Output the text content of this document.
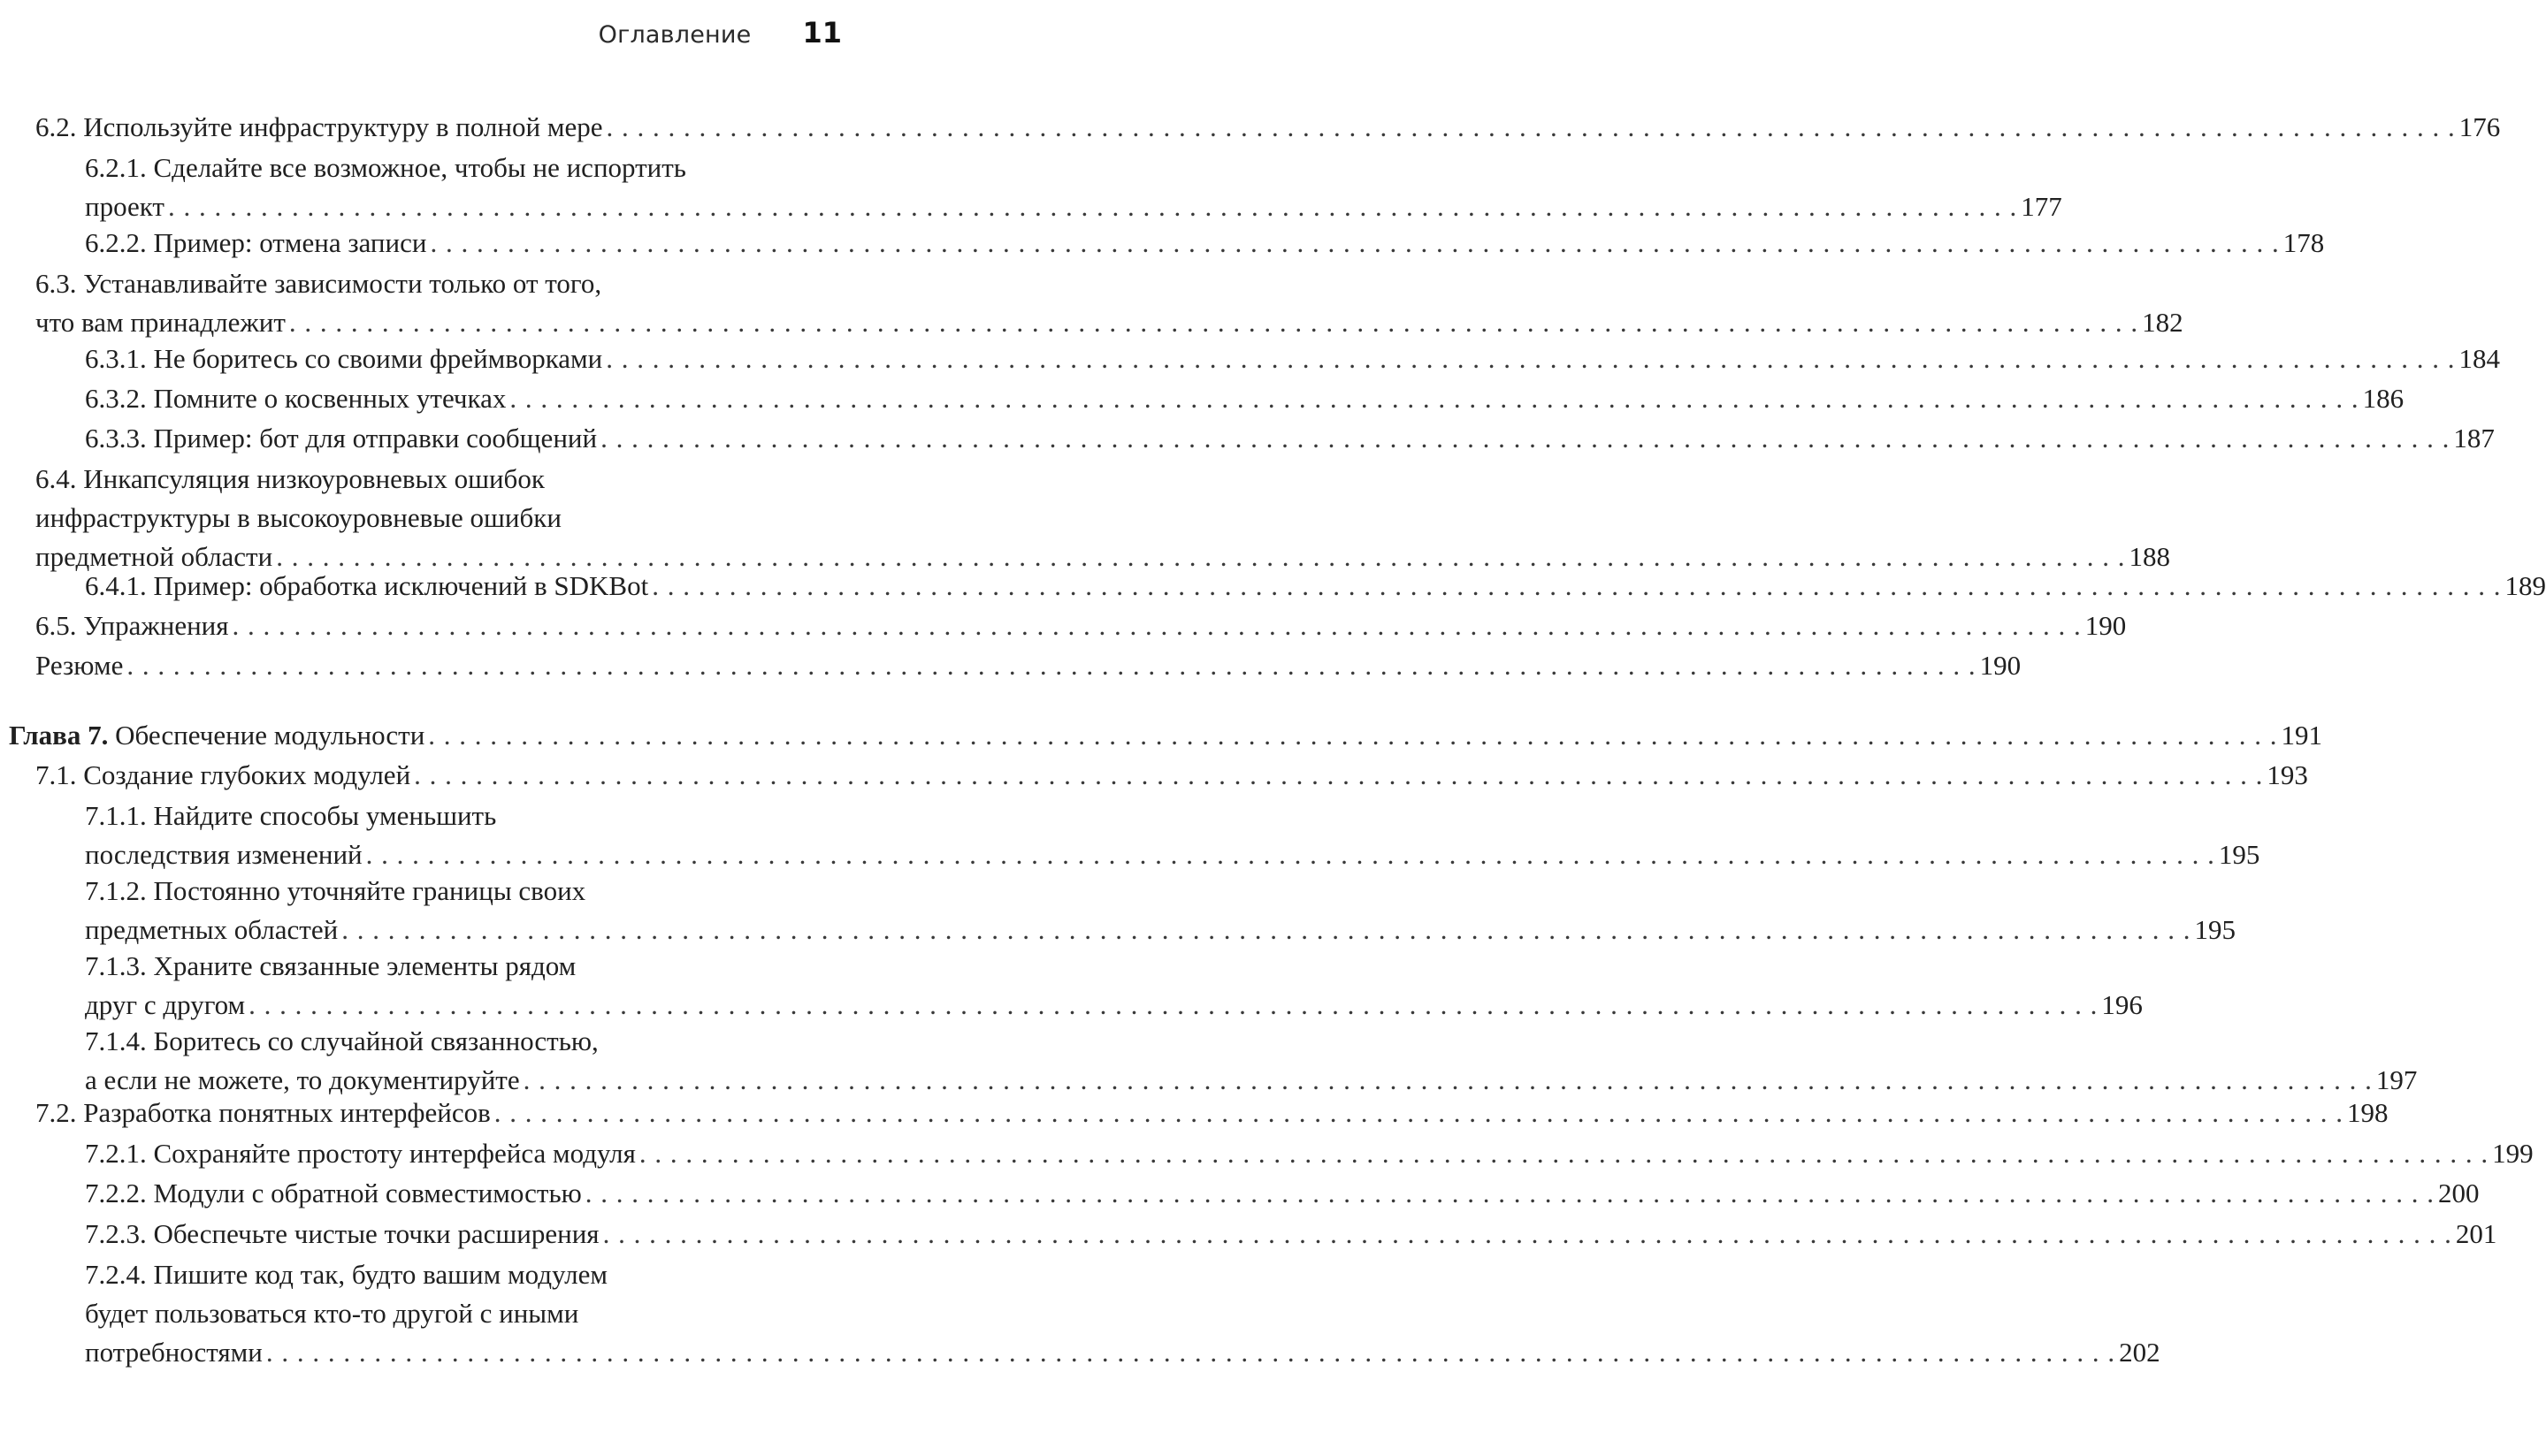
Оглавление 11
6.2. Используйте инфраструктуру в полной мере . . . . . . . . . . . . . . . . . . . . . . . . . . . . . . . . . . . . . . . . . . . . . . . . . . . . . . . . . . . . . . . . . . . . . . . . . . . . . . . . . . . . . . . . . . . . . . . . . . . . . . . . . . . . . . . . . . . . . . . . 176
6.2.1. Сделайте все возможное, чтобы не испортить
проект . . . . . . . . . . . . . . . . . . . . . . . . . . . . . . . . . . . . . . . . . . . . . . . . . . . . . . . . . . . . . . . . . . . . . . . . . . . . . . . . . . . . . . . . . . . . . . . . . . . . . . . . . . . . . . . . . . . . . . . . 177
6.2.2. Пример: отмена записи . . . . . . . . . . . . . . . . . . . . . . . . . . . . . . . . . . . . . . . . . . . . . . . . . . . . . . . . . . . . . . . . . . . . . . . . . . . . . . . . . . . . . . . . . . . . . . . . . . . . . . . . . . . . . . . . . . . . . . . . 178
6.3. Устанавливайте зависимости только от того,
что вам принадлежит . . . . . . . . . . . . . . . . . . . . . . . . . . . . . . . . . . . . . . . . . . . . . . . . . . . . . . . . . . . . . . . . . . . . . . . . . . . . . . . . . . . . . . . . . . . . . . . . . . . . . . . . . . . . . . . . . . . . . . . . 182
6.3.1. Не боритесь со своими фреймворками . . . . . . . . . . . . . . . . . . . . . . . . . . . . . . . . . . . . . . . . . . . . . . . . . . . . . . . . . . . . . . . . . . . . . . . . . . . . . . . . . . . . . . . . . . . . . . . . . . . . . . . . . . . . . . . . . . . . . . . . 184
6.3.2. Помните о косвенных утечках . . . . . . . . . . . . . . . . . . . . . . . . . . . . . . . . . . . . . . . . . . . . . . . . . . . . . . . . . . . . . . . . . . . . . . . . . . . . . . . . . . . . . . . . . . . . . . . . . . . . . . . . . . . . . . . . . . . . . . . . 186
6.3.3. Пример: бот для отправки сообщений . . . . . . . . . . . . . . . . . . . . . . . . . . . . . . . . . . . . . . . . . . . . . . . . . . . . . . . . . . . . . . . . . . . . . . . . . . . . . . . . . . . . . . . . . . . . . . . . . . . . . . . . . . . . . . . . . . . . . . . . 187
6.4. Инкапсуляция низкоуровневых ошибок
инфраструктуры в высокоуровневые ошибки
предметной области . . . . . . . . . . . . . . . . . . . . . . . . . . . . . . . . . . . . . . . . . . . . . . . . . . . . . . . . . . . . . . . . . . . . . . . . . . . . . . . . . . . . . . . . . . . . . . . . . . . . . . . . . . . . . . . . . . . . . . . . 188
6.4.1. Пример: обработка исключений в SDKBot . . . . . . . . . . . . . . . . . . . . . . . . . . . . . . . . . . . . . . . . . . . . . . . . . . . . . . . . . . . . . . . . . . . . . . . . . . . . . . . . . . . . . . . . . . . . . . . . . . . . . . . . . . . . . . . . . . . . . . . . 189
6.5. Упражнения . . . . . . . . . . . . . . . . . . . . . . . . . . . . . . . . . . . . . . . . . . . . . . . . . . . . . . . . . . . . . . . . . . . . . . . . . . . . . . . . . . . . . . . . . . . . . . . . . . . . . . . . . . . . . . . . . . . . . . . . 190
Резюме . . . . . . . . . . . . . . . . . . . . . . . . . . . . . . . . . . . . . . . . . . . . . . . . . . . . . . . . . . . . . . . . . . . . . . . . . . . . . . . . . . . . . . . . . . . . . . . . . . . . . . . . . . . . . . . . . . . . . . . . 190
Глава 7. Обеспечение модульности . . . . . . . . . . . . . . . . . . . . . . . . . . . . . . . . . . . . . . . . . . . . . . . . . . . . . . . . . . . . . . . . . . . . . . . . . . . . . . . . . . . . . . . . . . . . . . . . . . . . . . . . . . . . . . . . . . . . . . . . 191
7.1. Создание глубоких модулей . . . . . . . . . . . . . . . . . . . . . . . . . . . . . . . . . . . . . . . . . . . . . . . . . . . . . . . . . . . . . . . . . . . . . . . . . . . . . . . . . . . . . . . . . . . . . . . . . . . . . . . . . . . . . . . . . . . . . . . . 193
7.1.1. Найдите способы уменьшить
последствия изменений . . . . . . . . . . . . . . . . . . . . . . . . . . . . . . . . . . . . . . . . . . . . . . . . . . . . . . . . . . . . . . . . . . . . . . . . . . . . . . . . . . . . . . . . . . . . . . . . . . . . . . . . . . . . . . . . . . . . . . . . 195
7.1.2. Постоянно уточняйте границы своих
предметных областей . . . . . . . . . . . . . . . . . . . . . . . . . . . . . . . . . . . . . . . . . . . . . . . . . . . . . . . . . . . . . . . . . . . . . . . . . . . . . . . . . . . . . . . . . . . . . . . . . . . . . . . . . . . . . . . . . . . . . . . . 195
7.1.3. Храните связанные элементы рядом
друг с другом . . . . . . . . . . . . . . . . . . . . . . . . . . . . . . . . . . . . . . . . . . . . . . . . . . . . . . . . . . . . . . . . . . . . . . . . . . . . . . . . . . . . . . . . . . . . . . . . . . . . . . . . . . . . . . . . . . . . . . . . 196
7.1.4. Боритесь со случайной связанностью,
а если не можете, то документируйте . . . . . . . . . . . . . . . . . . . . . . . . . . . . . . . . . . . . . . . . . . . . . . . . . . . . . . . . . . . . . . . . . . . . . . . . . . . . . . . . . . . . . . . . . . . . . . . . . . . . . . . . . . . . . . . . . . . . . . . . 197
7.2. Разработка понятных интерфейсов . . . . . . . . . . . . . . . . . . . . . . . . . . . . . . . . . . . . . . . . . . . . . . . . . . . . . . . . . . . . . . . . . . . . . . . . . . . . . . . . . . . . . . . . . . . . . . . . . . . . . . . . . . . . . . . . . . . . . . . . 198
7.2.1. Сохраняйте простоту интерфейса модуля . . . . . . . . . . . . . . . . . . . . . . . . . . . . . . . . . . . . . . . . . . . . . . . . . . . . . . . . . . . . . . . . . . . . . . . . . . . . . . . . . . . . . . . . . . . . . . . . . . . . . . . . . . . . . . . . . . . . . . . . 199
7.2.2. Модули с обратной совместимостью . . . . . . . . . . . . . . . . . . . . . . . . . . . . . . . . . . . . . . . . . . . . . . . . . . . . . . . . . . . . . . . . . . . . . . . . . . . . . . . . . . . . . . . . . . . . . . . . . . . . . . . . . . . . . . . . . . . . . . . . 200
7.2.3. Обеспечьте чистые точки расширения . . . . . . . . . . . . . . . . . . . . . . . . . . . . . . . . . . . . . . . . . . . . . . . . . . . . . . . . . . . . . . . . . . . . . . . . . . . . . . . . . . . . . . . . . . . . . . . . . . . . . . . . . . . . . . . . . . . . . . . . 201
7.2.4. Пишите код так, будто вашим модулем
будет пользоваться кто-то другой с иными
потребностями . . . . . . . . . . . . . . . . . . . . . . . . . . . . . . . . . . . . . . . . . . . . . . . . . . . . . . . . . . . . . . . . . . . . . . . . . . . . . . . . . . . . . . . . . . . . . . . . . . . . . . . . . . . . . . . . . . . . . . . . 202
